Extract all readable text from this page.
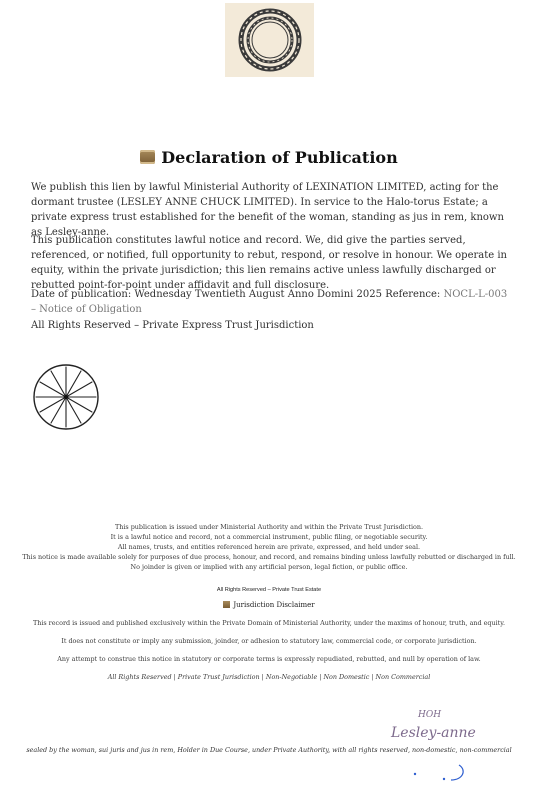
Declaration of Publication
We publish this lien by lawful Ministerial Authority of LEXINATION LIMITED, acting for the dormant trustee (LESLEY ANNE CHUCK LIMITED). In service to the Halo-torus Estate; a private express trust established for the benefit of the woman, standing as jus in rem, known as Lesley-anne.
This publication constitutes lawful notice and record. We, did give the parties served, referenced, or notified, full opportunity to rebut, respond, or resolve in honour. We operate in equity, within the private jurisdiction; this lien remains active unless lawfully discharged or rebutted point-for-point under affidavit and full disclosure.
Date of publication: Wednesday Twentieth August Anno Domini 2025 Reference: NOCL-L-003 – Notice of Obligation
All Rights Reserved – Private Express Trust Jurisdiction
This publication is issued under Ministerial Authority and within the Private Trust Jurisdiction.
It is a lawful notice and record, not a commercial instrument, public filing, or negotiable security.
All names, trusts, and entities referenced herein are private, expressed, and held under seal.
This notice is made available solely for purposes of due process, honour, and record, and remains binding unless lawfully rebutted or discharged in full. No joinder is given or implied with any artificial person, legal fiction, or public office.
All Rights Reserved – Private Trust Estate
Jurisdiction Disclaimer
This record is issued and published exclusively within the Private Domain of Ministerial Authority, under the maxims of honour, truth, and equity.
It does not constitute or imply any submission, joinder, or adhesion to statutory law, commercial code, or corporate jurisdiction.
Any attempt to construe this notice in statutory or corporate terms is expressly repudiated, rebutted, and null by operation of law.
All Rights Reserved | Private Trust Jurisdiction | Non-Negotiable | Non Domestic | Non Commercial
HOH
Lesley-anne
sealed by the woman, sui juris and jus in rem, Holder in Due Course, under Private Authority, with all rights reserved, non-domestic, non-commercial
